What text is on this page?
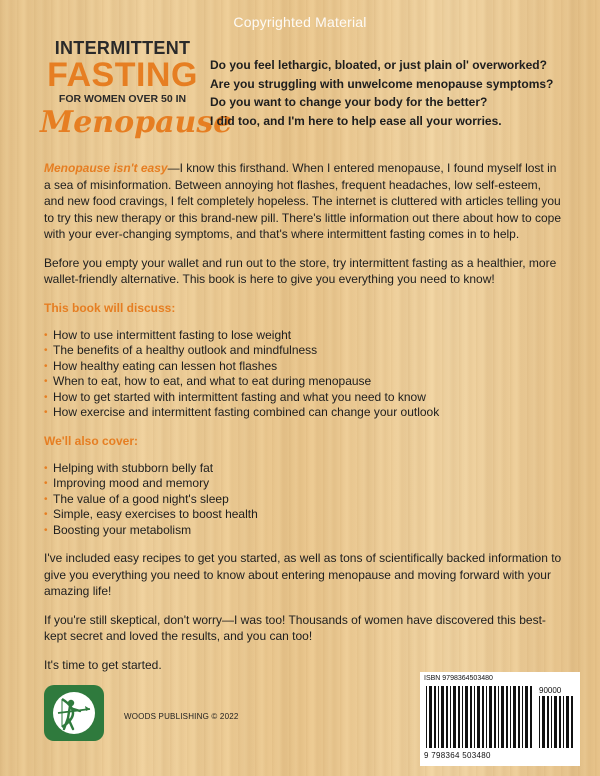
Copyrighted Material
INTERMITTENT
FASTING
FOR WOMEN OVER 50 IN
Menopause
Do you feel lethargic, bloated, or just plain ol' overworked?
Are you struggling with unwelcome menopause symptoms?
Do you want to change your body for the better?
I did too, and I'm here to help ease all your worries.

Menopause isn't easy—I know this firsthand. When I entered menopause, I found myself lost in a sea of misinformation. Between annoying hot flashes, frequent headaches, low self-esteem, and new food cravings, I felt completely hopeless. The internet is cluttered with articles telling you to try this new therapy or this brand-new pill. There's little information out there about how to cope with your ever-changing symptoms, and that's where intermittent fasting comes in to help.

Before you empty your wallet and run out to the store, try intermittent fasting as a healthier, more wallet-friendly alternative. This book is here to give you everything you need to know!

This book will discuss:

• How to use intermittent fasting to lose weight
• The benefits of a healthy outlook and mindfulness
• How healthy eating can lessen hot flashes
• When to eat, how to eat, and what to eat during menopause
• How to get started with intermittent fasting and what you need to know
• How exercise and intermittent fasting combined can change your outlook

We'll also cover:

• Helping with stubborn belly fat
• Improving mood and memory
• The value of a good night's sleep
• Simple, easy exercises to boost health
• Boosting your metabolism

I've included easy recipes to get you started, as well as tons of scientifically backed information to give you everything you need to know about entering menopause and moving forward with your amazing life!

If you're still skeptical, don't worry—I was too! Thousands of women have discovered this best-kept secret and loved the results, and you can too!

It's time to get started.

WOODS PUBLISHING © 2022
ISBN 9798364503480
90000
9 798364 503480
